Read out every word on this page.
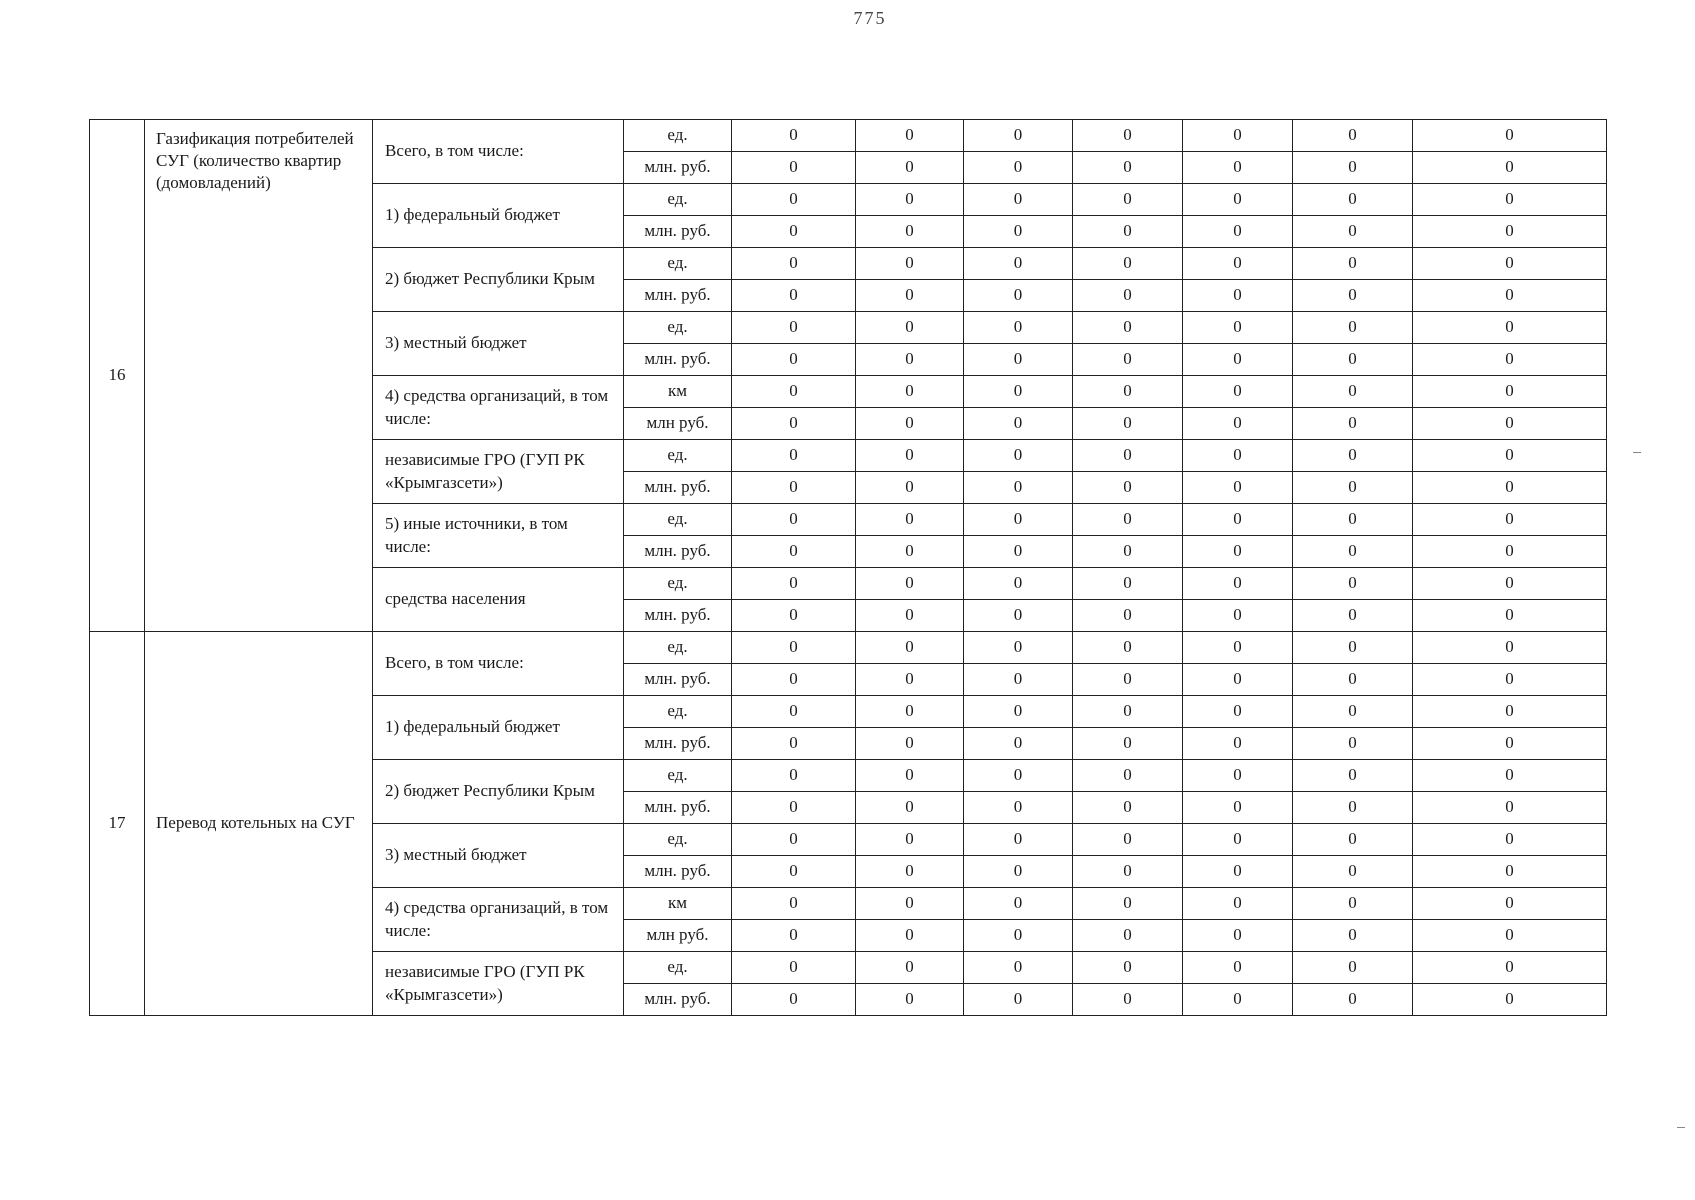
775
16	Газификация потребителей СУГ (количество квартир (домовладений)	Всего, в том числе:	ед.	0	0	0	0	0	0	0
			млн. руб.	0	0	0	0	0	0	0
		1) федеральный бюджет	ед.	0	0	0	0	0	0	0
			млн. руб.	0	0	0	0	0	0	0
		2) бюджет Республики Крым	ед.	0	0	0	0	0	0	0
			млн. руб.	0	0	0	0	0	0	0
		3) местный бюджет	ед.	0	0	0	0	0	0	0
			млн. руб.	0	0	0	0	0	0	0
		4) средства организаций, в том числе:	км	0	0	0	0	0	0	0
			млн руб.	0	0	0	0	0	0	0
		независимые ГРО (ГУП РК «Крымгазсети»)	ед.	0	0	0	0	0	0	0
			млн. руб.	0	0	0	0	0	0	0
		5) иные источники, в том числе:	ед.	0	0	0	0	0	0	0
			млн. руб.	0	0	0	0	0	0	0
		средства населения	ед.	0	0	0	0	0	0	0
			млн. руб.	0	0	0	0	0	0	0
17	Перевод котельных на СУГ	Всего, в том числе:	ед.	0	0	0	0	0	0	0
			млн. руб.	0	0	0	0	0	0	0
		1) федеральный бюджет	ед.	0	0	0	0	0	0	0
			млн. руб.	0	0	0	0	0	0	0
		2) бюджет Республики Крым	ед.	0	0	0	0	0	0	0
			млн. руб.	0	0	0	0	0	0	0
		3) местный бюджет	ед.	0	0	0	0	0	0	0
			млн. руб.	0	0	0	0	0	0	0
		4) средства организаций, в том числе:	км	0	0	0	0	0	0	0
			млн руб.	0	0	0	0	0	0	0
		независимые ГРО (ГУП РК «Крымгазсети»)	ед.	0	0	0	0	0	0	0
			млн. руб.	0	0	0	0	0	0	0
